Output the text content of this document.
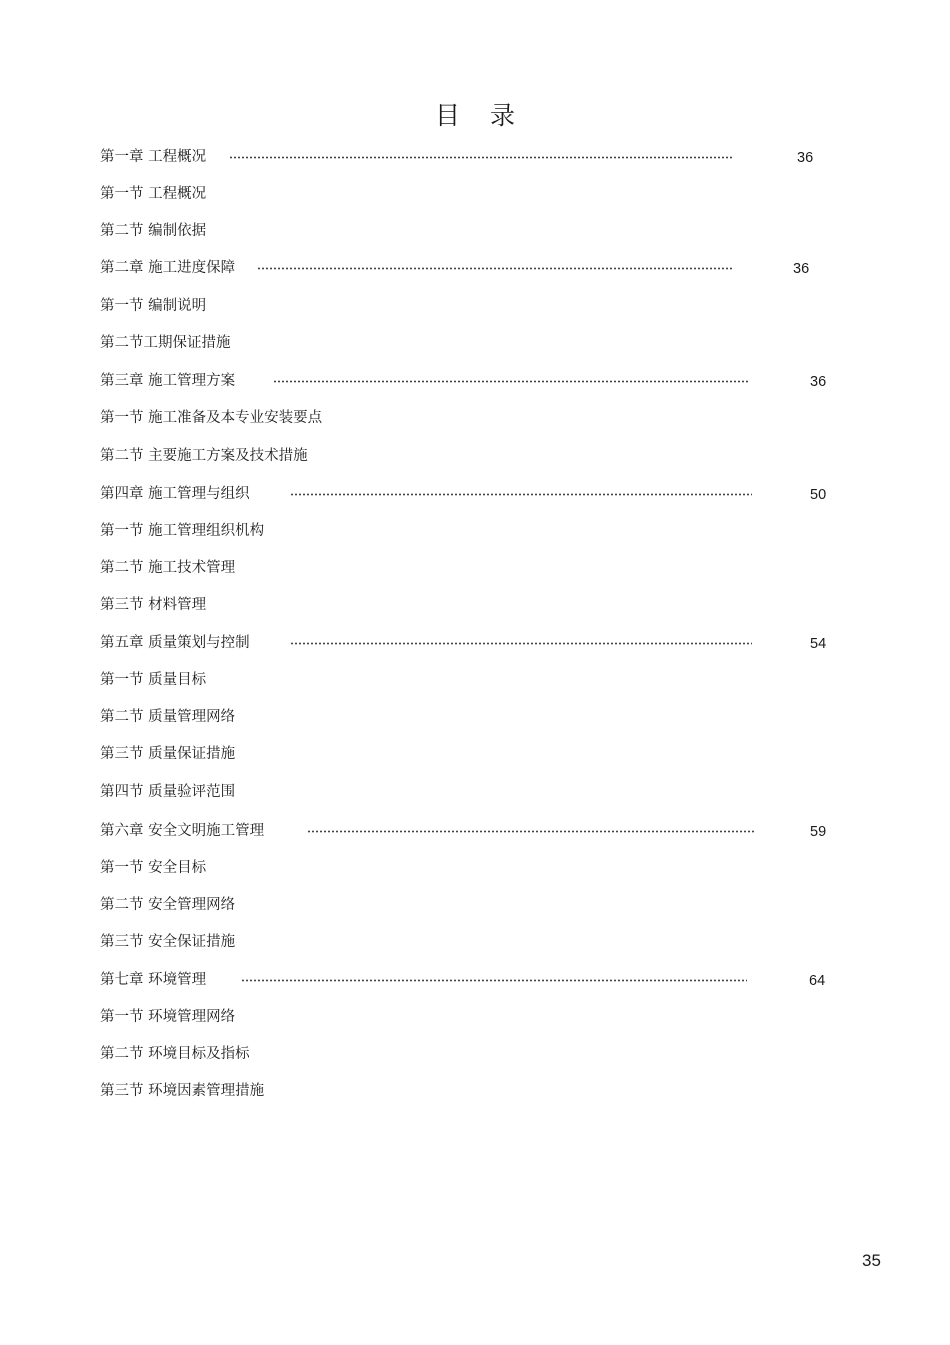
目录
第一章 工程概况	36
第一节 工程概况
第二节 编制依据
第二章 施工进度保障	36
第一节 编制说明
第二节工期保证措施
第三章 施工管理方案	36
第一节 施工准备及本专业安装要点
第二节 主要施工方案及技术措施
第四章 施工管理与组织	50
第一节 施工管理组织机构
第二节 施工技术管理
第三节 材料管理
第五章 质量策划与控制	54
第一节 质量目标
第二节 质量管理网络
第三节 质量保证措施
第四节 质量验评范围
第六章 安全文明施工管理	59
第一节 安全目标
第二节 安全管理网络
第三节 安全保证措施
第七章 环境管理	64
第一节 环境管理网络
第二节 环境目标及指标
第三节 环境因素管理措施
35
